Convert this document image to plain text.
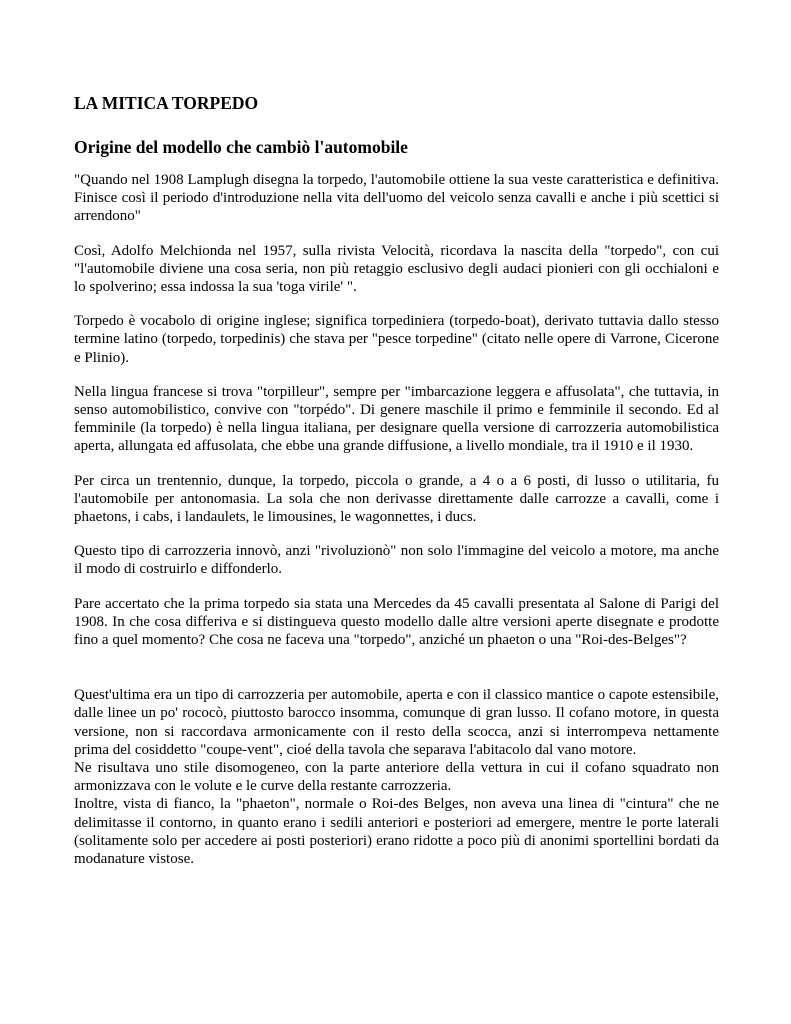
LA MITICA TORPEDO
Origine del modello che cambiò l'automobile

"Quando nel 1908 Lamplugh disegna la torpedo, l'automobile ottiene la sua veste caratteristica e definitiva. Finisce così il periodo d'introduzione nella vita dell'uomo del veicolo senza cavalli e anche i più scettici si arrendono"

Così, Adolfo Melchionda nel 1957, sulla rivista Velocità, ricordava la nascita della "torpedo", con cui "l'automobile diviene una cosa seria, non più retaggio esclusivo degli audaci pionieri con gli occhialoni e lo spolverino; essa indossa la sua 'toga virile' ".

Torpedo è vocabolo di origine inglese; significa torpediniera (torpedo-boat), derivato tuttavia dallo stesso termine latino (torpedo, torpedinis) che stava per "pesce torpedine" (citato nelle opere di Varrone, Cicerone e Plinio).

Nella lingua francese si trova "torpilleur", sempre per "imbarcazione leggera e affusolata", che tuttavia, in senso automobilistico, convive con "torpédo". Di genere maschile il primo e femminile il secondo. Ed al femminile (la torpedo) è nella lingua italiana, per designare quella versione di carrozzeria automobilistica aperta, allungata ed affusolata, che ebbe una grande diffusione, a livello mondiale, tra il 1910 e il 1930.

Per circa un trentennio, dunque, la torpedo, piccola o grande, a 4 o a 6 posti, di lusso o utilitaria, fu l'automobile per antonomasia. La sola che non derivasse direttamente dalle carrozze a cavalli, come i phaetons, i cabs, i landaulets, le limousines, le wagonnettes, i ducs.

Questo tipo di carrozzeria innovò, anzi "rivoluzionò" non solo l'immagine del veicolo a motore, ma anche il modo di costruirlo e diffonderlo.

Pare accertato che la prima torpedo sia stata una Mercedes da 45 cavalli presentata al Salone di Parigi del 1908. In che cosa differiva e si distingueva questo modello dalle altre versioni aperte disegnate e prodotte fino a quel momento? Che cosa ne faceva una "torpedo", anziché un phaeton o una "Roi-des-Belges"?

Quest'ultima era un tipo di carrozzeria per automobile, aperta e con il classico mantice o capote estensibile, dalle linee un po' rococò, piuttosto barocco insomma, comunque di gran lusso. Il cofano motore, in questa versione, non si raccordava armonicamente con il resto della scocca, anzi si interrompeva nettamente prima del cosiddetto "coupe-vent", cioé della tavola che separava l'abitacolo dal vano motore.

Ne risultava uno stile disomogeneo, con la parte anteriore della vettura in cui il cofano squadrato non armonizzava con le volute e le curve della restante carrozzeria.

Inoltre, vista di fianco, la "phaeton", normale o Roi-des Belges, non aveva una linea di "cintura" che ne delimitasse il contorno, in quanto erano i sedili anteriori e posteriori ad emergere, mentre le porte laterali (solitamente solo per accedere ai posti posteriori) erano ridotte a poco più di anonimi sportellini bordati da modanature vistose.
